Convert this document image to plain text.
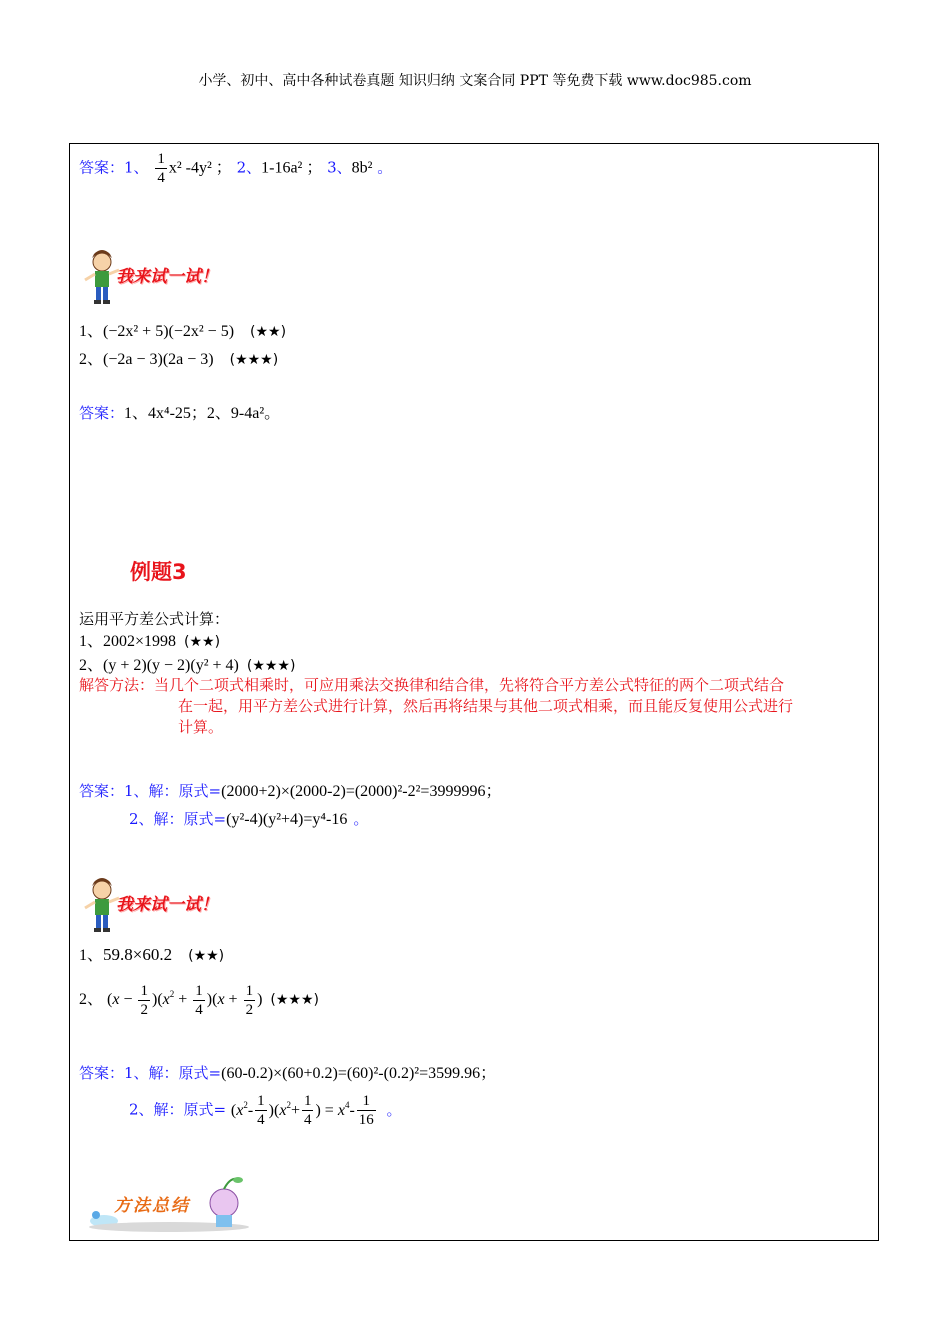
小学、初中、高中各种试卷真题 知识归纳 文案合同 PPT 等免费下载 www.doc985.com
答案：1、 $\frac{1}{4} x^2$ -4y² ； 2、1-16a² ； 3、8b² 。
我来试一试！
1、(−2x² + 5)(−2x² − 5) (★★)
2、(−2a − 3)(2a − 3) (★★★)
答案：1、4x⁴-25；2、9-4a²。
例题3
运用平方差公式计算：
1、2002×1998 (★★)
2、(y + 2)(y − 2)(y² + 4) (★★★)
解答方法：当几个二项式相乘时，可应用乘法交换律和结合律，先将符合平方差公式特征的两个二项式结合
在一起，用平方差公式进行计算，然后再将结果与其他二项式相乘，而且能反复使用公式进行
计算。
答案：1、解：原式=(2000+2)×(2000-2)=(2000)²-2²=3999996；
2、解：原式=(y²-4)(y²+4)=y⁴-16 。
我来试一试！
1、59.8×60.2 (★★)
2、 $(x - \frac{1}{2} )(x^2 + \frac{1}{4} )(x + \frac{1}{2}$ ) (★★★)
答案：1、解：原式=(60-0.2)×(60+0.2)=(60)²-(0.2)²=3599.96；
2、解：原式= $(x^2- \frac{1}{4} )(x^2+ \frac{1}{4}$ ) = $x^4- \frac{1}{16}$ 。
方法总结
